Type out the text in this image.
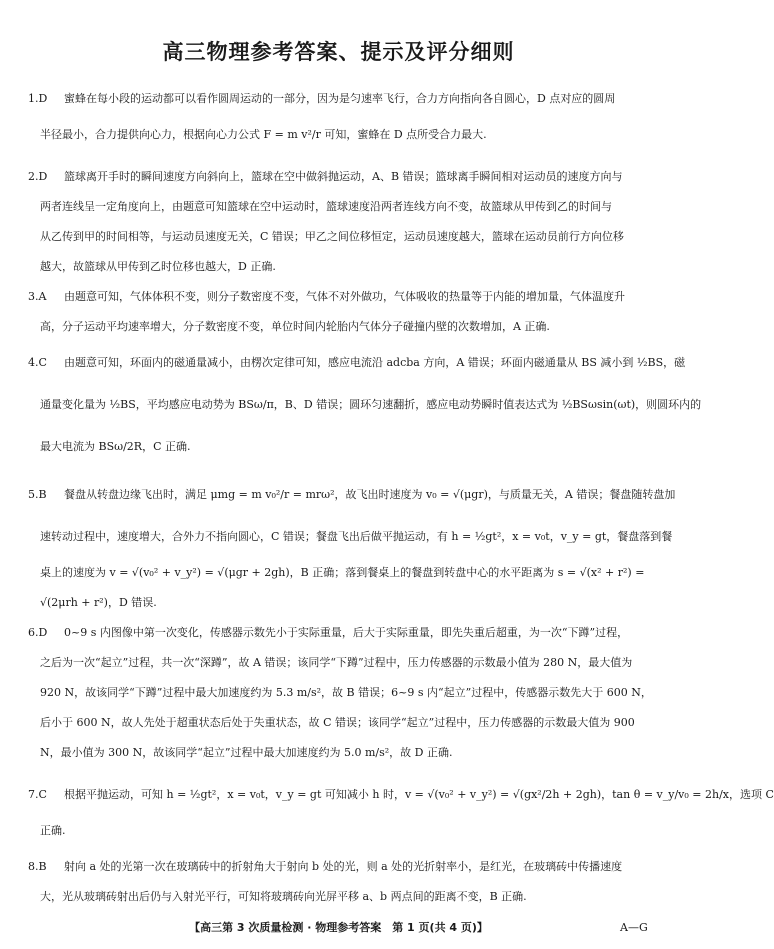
高三物理参考答案、提示及评分细则
1.D 蜜蜂在每小段的运动都可以看作圆周运动的一部分，因为是匀速率飞行，合力方向指向各自圆心，D 点对应的圆周
半径最小，合力提供向心力，根据向心力公式 F = m v²/r 可知，蜜蜂在 D 点所受合力最大.
2.D 篮球离开手时的瞬间速度方向斜向上，篮球在空中做斜抛运动，A、B 错误；篮球离手瞬间相对运动员的速度方向与
两者连线呈一定角度向上，由题意可知篮球在空中运动时，篮球速度沿两者连线方向不变，故篮球从甲传到乙的时间与
从乙传到甲的时间相等，与运动员速度无关，C 错误；甲乙之间位移恒定，运动员速度越大，篮球在运动员前行方向位移
越大，故篮球从甲传到乙时位移也越大，D 正确.
3.A 由题意可知，气体体积不变，则分子数密度不变，气体不对外做功，气体吸收的热量等于内能的增加量，气体温度升
高，分子运动平均速率增大，分子数密度不变，单位时间内轮胎内气体分子碰撞内壁的次数增加，A 正确.
4.C 由题意可知，环面内的磁通量减小，由楞次定律可知，感应电流沿 adcba 方向，A 错误；环面内磁通量从 BS 减小到 ½BS，磁
通量变化量为 ½BS，平均感应电动势为 BSω/π，B、D 错误；圆环匀速翻折，感应电动势瞬时值表达式为 ½BSωsin(ωt)，则圆环内的
最大电流为 BSω/2R，C 正确.
5.B 餐盘从转盘边缘飞出时，满足 μmg = m v₀²/r = mrω²，故飞出时速度为 v₀ = √(μgr)，与质量无关，A 错误；餐盘随转盘加
速转动过程中，速度增大，合外力不指向圆心，C 错误；餐盘飞出后做平抛运动，有 h = ½gt²，x = v₀t，v_y = gt，餐盘落到餐
桌上的速度为 v = √(v₀² + v_y²) = √(μgr + 2gh)，B 正确；落到餐桌上的餐盘到转盘中心的水平距离为 s = √(x² + r²) =
√(2μrh + r²)，D 错误.
6.D 0~9 s 内图像中第一次变化，传感器示数先小于实际重量，后大于实际重量，即先失重后超重，为一次“下蹲”过程，
之后为一次“起立”过程，共一次“深蹲”，故 A 错误；该同学“下蹲”过程中，压力传感器的示数最小值为 280 N，最大值为
920 N，故该同学“下蹲”过程中最大加速度约为 5.3 m/s²，故 B 错误；6~9 s 内“起立”过程中，传感器示数先大于 600 N，
后小于 600 N，故人先处于超重状态后处于失重状态，故 C 错误；该同学“起立”过程中，压力传感器的示数最大值为 900
N，最小值为 300 N，故该同学“起立”过程中最大加速度约为 5.0 m/s²，故 D 正确.
7.C 根据平抛运动，可知 h = ½gt²，x = v₀t，v_y = gt 可知减小 h 时，v = √(v₀² + v_y²) = √(gx²/2h + 2gh)，tan θ = v_y/v₀ = 2h/x，选项 C
正确.
8.B 射向 a 处的光第一次在玻璃砖中的折射角大于射向 b 处的光，则 a 处的光折射率小，是红光，在玻璃砖中传播速度
大，光从玻璃砖射出后仍与入射光平行，可知将玻璃砖向光屏平移 a、b 两点间的距离不变，B 正确.
【高三第 3 次质量检测 · 物理参考答案　第 1 页(共 4 页)】	A—G
